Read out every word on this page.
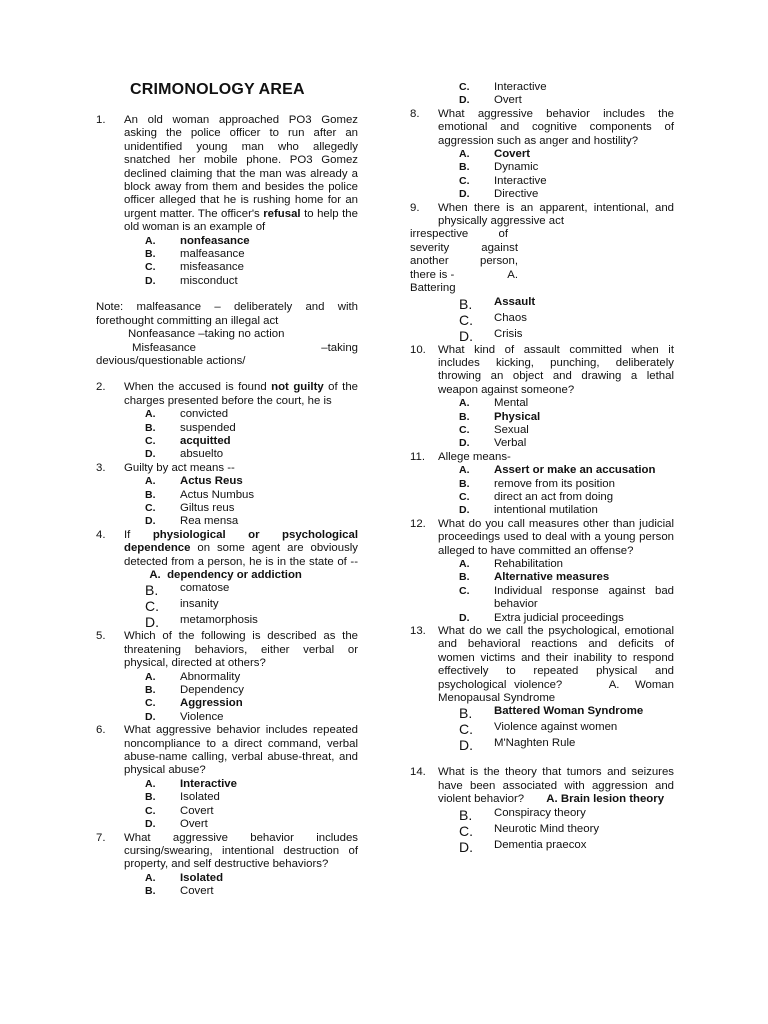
CRIMONOLOGY AREA
1. An old woman approached PO3 Gomez asking the police officer to run after an unidentified young man who allegedly snatched her mobile phone. PO3 Gomez declined claiming that the man was already a block away from them and besides the police officer alleged that he is rushing home for an urgent matter. The officer's refusal to help the old woman is an example of
A.	nonfeasance
B.	malfeasance
C.	misfeasance
D.	misconduct
Note: malfeasance – deliberately and with forethought committing an illegal act
Nonfeasance –taking no action
Misfeasance	–taking
devious/questionable actions/
2. When the accused is found not guilty of the charges presented before the court, he is
A.	convicted
B.	suspended
C.	acquitted
D.	absuelto
3. Guilty by act means --
A.	Actus Reus
B.	Actus Numbus
C.	Giltus reus
D.	Rea mensa
4. If physiological or psychological dependence on some agent are obviously detected from a person, he is in the state of --        A. dependency or addiction
B.	comatose
C.	insanity
D.	metamorphosis
5. Which of the following is described as the threatening behaviors, either verbal or physical, directed at others?
A.	Abnormality
B.	Dependency
C.	Aggression
D.	Violence
6. What aggressive behavior includes repeated noncompliance to a direct command, verbal abuse-name calling, verbal abuse-threat, and physical abuse?
A.	Interactive
B.	Isolated
C.	Covert
D.	Overt
7. What aggressive behavior includes cursing/swearing, intentional destruction of property, and self destructive behaviors?
A.	Isolated
B.	Covert
C.	Interactive
D.	Overt
8. What aggressive behavior includes the emotional and cognitive components of aggression such as anger and hostility?
A.	Covert
B.	Dynamic
C.	Interactive
D.	Directive
9.	When there is an apparent, intentional, and physically aggressive act
irrespective	of
severity	against
another	person,
there is -	A.
Battering
B.	Assault
C.	Chaos
D.	Crisis
10. What kind of assault committed when it includes kicking, punching, deliberately throwing an object and drawing a lethal weapon against someone?
A.	Mental
B.	Physical
C.	Sexual
D.	Verbal
11. Allege means-
A.	Assert or make an accusation
B.	remove from its position
C.	direct an act from doing
D.	intentional mutilation
12. What do you call measures other than judicial proceedings used to deal with a young person alleged to have committed an offense?
A.	Rehabilitation
B.	Alternative measures
C.	Individual response against bad behavior
D.	Extra judicial proceedings
13. What do we call the psychological, emotional and behavioral reactions and deficits of women victims and their inability to respond effectively to repeated physical and psychological violence?	A. Woman Menopausal Syndrome
B.	Battered Woman Syndrome
C.	Violence against women
D.	M'Naghten Rule
14. What is the theory that tumors and seizures have been associated with aggression and violent behavior? A. Brain lesion theory
B.	Conspiracy theory
C.	Neurotic Mind theory
D.	Dementia praecox
